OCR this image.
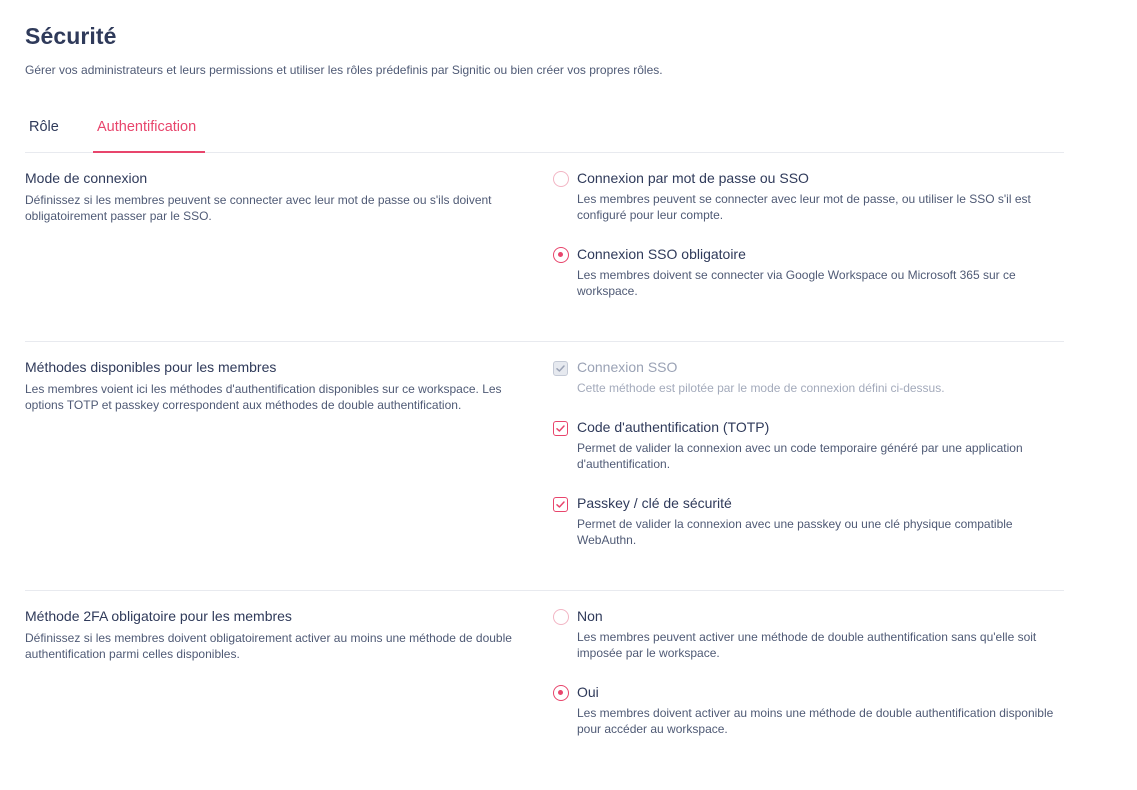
Sécurité

Gérer vos administrateurs et leurs permissions et utiliser les rôles prédefinis par Signitic ou bien créer vos propres rôles.

Rôle	Authentification
Mode de connexion
Définissez si les membres peuvent se connecter avec leur mot de passe ou s'ils doivent obligatoirement passer par le SSO.
Connexion par mot de passe ou SSO
Les membres peuvent se connecter avec leur mot de passe, ou utiliser le SSO s'il est configuré pour leur compte.
Connexion SSO obligatoire
Les membres doivent se connecter via Google Workspace ou Microsoft 365 sur ce workspace.
Méthodes disponibles pour les membres
Les membres voient ici les méthodes d'authentification disponibles sur ce workspace. Les options TOTP et passkey correspondent aux méthodes de double authentification.
Connexion SSO
Cette méthode est pilotée par le mode de connexion défini ci-dessus.
Code d'authentification (TOTP)
Permet de valider la connexion avec un code temporaire généré par une application d'authentification.
Passkey / clé de sécurité
Permet de valider la connexion avec une passkey ou une clé physique compatible WebAuthn.
Méthode 2FA obligatoire pour les membres
Définissez si les membres doivent obligatoirement activer au moins une méthode de double authentification parmi celles disponibles.
Non
Les membres peuvent activer une méthode de double authentification sans qu'elle soit imposée par le workspace.
Oui
Les membres doivent activer au moins une méthode de double authentification disponible pour accéder au workspace.
